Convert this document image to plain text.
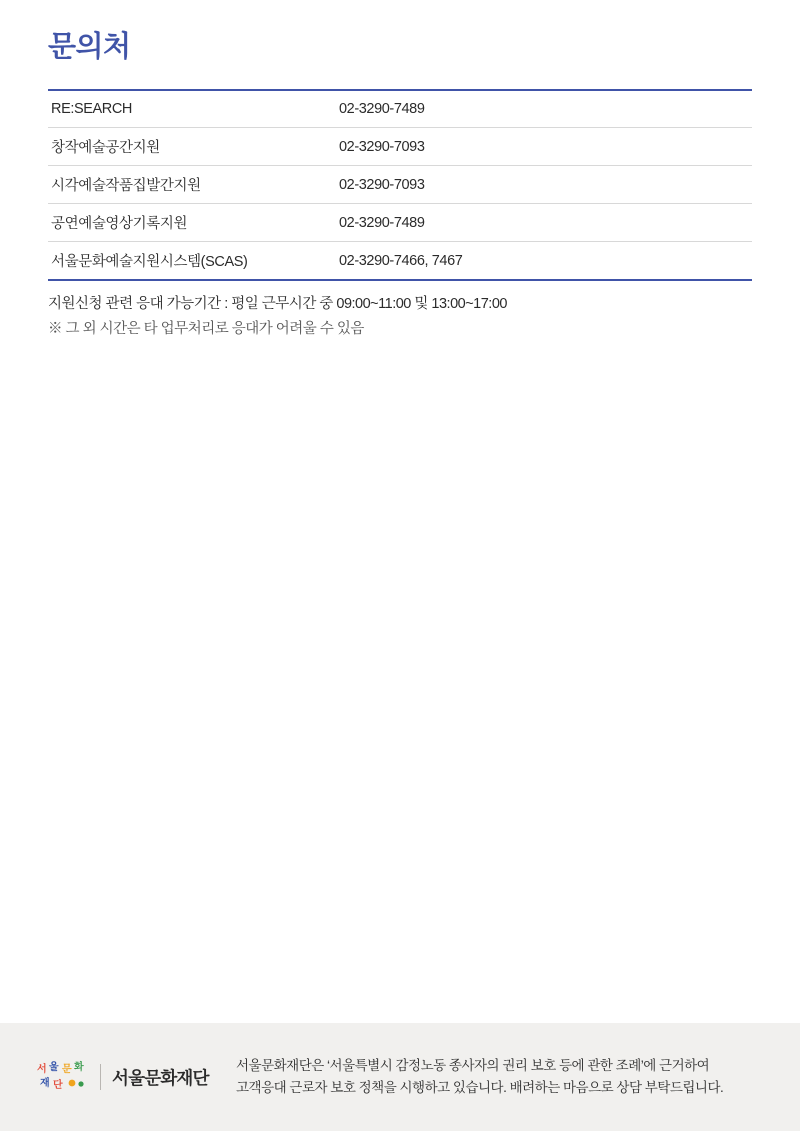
문의처
RE:SEARCH	02-3290-7489
창작예술공간지원	02-3290-7093
시각예술작품집발간지원	02-3290-7093
공연예술영상기록지원	02-3290-7489
서울문화예술지원시스템(SCAS)	02-3290-7466, 7467
지원신청 관련 응대 가능기간 : 평일 근무시간 중 09:00~11:00 및 13:00~17:00
※ 그 외 시간은 타 업무처리로 응대가 어려울 수 있음
서 울 문 화
재 단	서울문화재단
서울문화재단은 ‘서울특별시 감정노동 종사자의 권리 보호 등에 관한 조례’에 근거하여
고객응대 근로자 보호 정책을 시행하고 있습니다. 배려하는 마음으로 상담 부탁드립니다.
